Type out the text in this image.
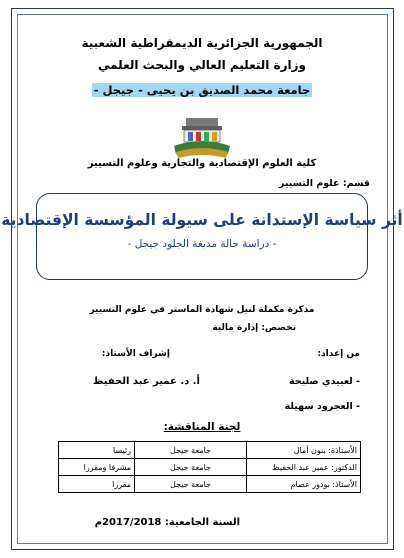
الجمهورية الجزائرية الديمقراطية الشعبية
وزارة التعليم العالي والبحث العلمي
جامعة محمد الصديق بن يحيى - جيجل -
كلية العلوم الإقتصادية والتجارية وعلوم التسيير
قسم: علوم التسيير
أثر سياسة الإستدانة على سيولة المؤسسة الإقتصادية
- دراسة حالة مدبغة الجلود جيجل -
مذكرة مكملة لنيل شهادة الماستر في علوم التسيير
تخصص: إدارة مالية
من إعداد:
إشراف الأستاذ:
- لعبيدي صليحة
أ. د. عمير عبد الحفيظ
- العجرود سهيلة
لجنة المناقشة:
الأستاذة: بنون أمال	جامعة جيجل	رئيسا
الدكتور: عمير عبد الحفيظ	جامعة جيجل	مشرفا ومقررا
الأستاذ: بودور عصام	جامعة جيجل	مقررا
السنة الجامعية: 2017/2018م
